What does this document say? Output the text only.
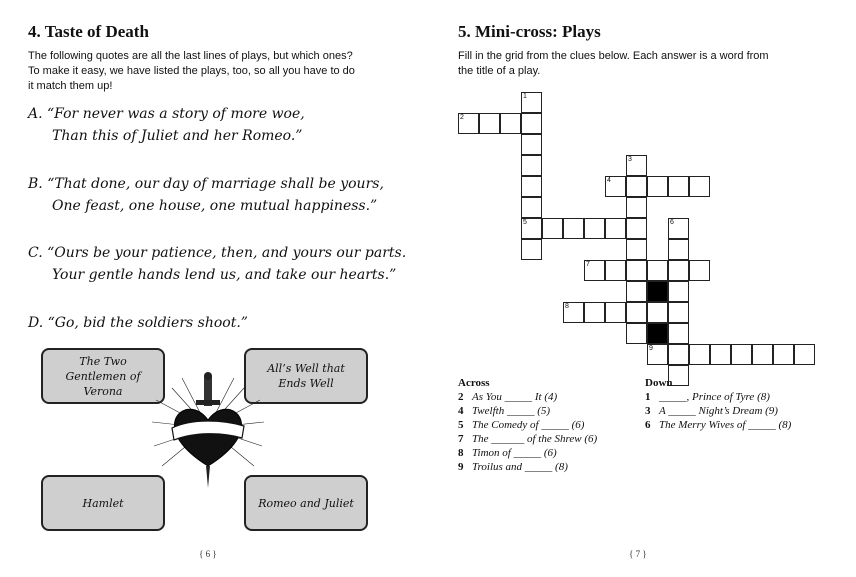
4. Taste of Death

The following quotes are all the last lines of plays, but which ones? To make it easy, we have listed the plays, too, so all you have to do it match them up!

A. “For never was a story of more woe,
Than this of Juliet and her Romeo.”
B. “That done, our day of marriage shall be yours,
One feast, one house, one mutual happiness.”
C. “Ours be your patience, then, and yours our parts.
Your gentle hands lend us, and take our hearts.”
D. “Go, bid the soldiers shoot.”
The Two Gentlemen of Verona
All’s Well that Ends Well
Hamlet	Romeo and Juliet
{ 6 }
5. Mini-cross: Plays

Fill in the grid from the clues below. Each answer is a word from the title of a play.

1
2
3
4
5	6
7
8
9
Across
2 As You _____ It (4)
4 Twelfth _____ (5)
5 The Comedy of _____ (6)
7 The ______ of the Shrew (6)
8 Timon of _____ (6)
9 Troilus and _____ (8)
Down
1 _____, Prince of Tyre (8)
3 A _____ Night’s Dream (9)
6 The Merry Wives of _____ (8)
{ 7 }
